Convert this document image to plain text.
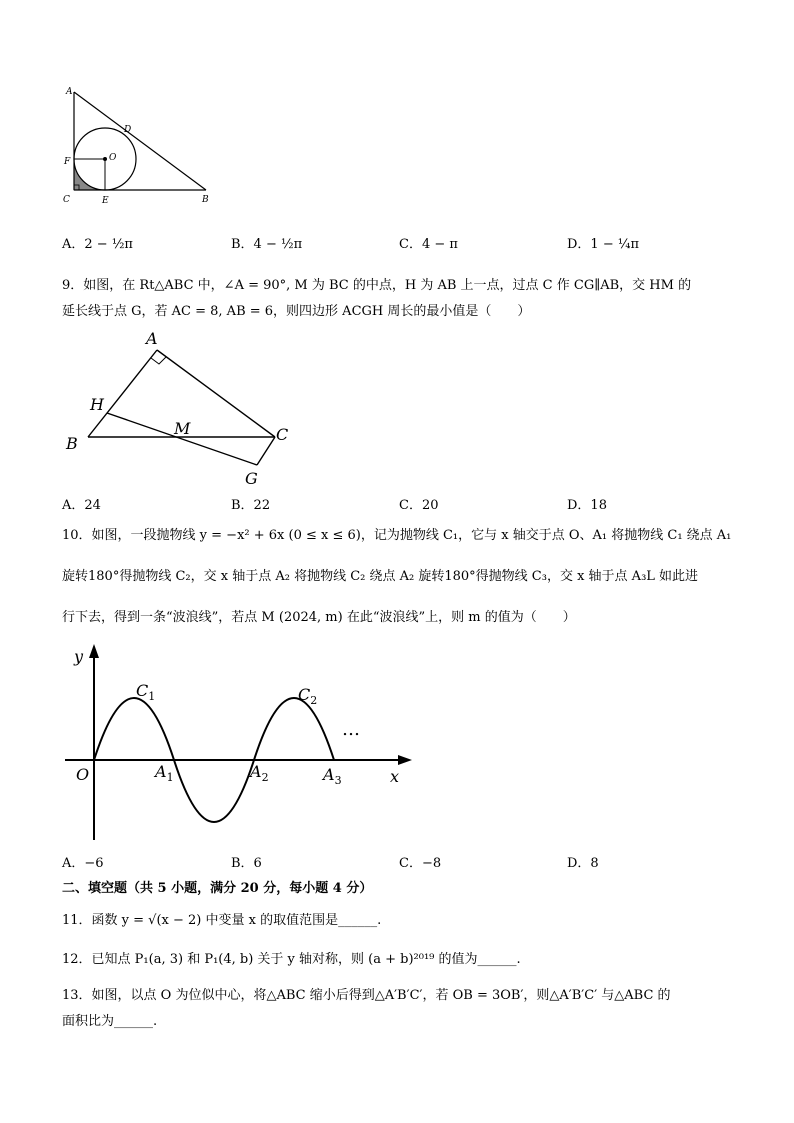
A
D
F	O
C	E	B
A．2 − ½π	B．4 − ½π	C．4 − π	D．1 − ¼π
9．如图，在 Rt△ABC 中，∠A = 90°, M 为 BC 的中点，H 为 AB 上一点，过点 C 作 CG∥AB，交 HM 的
延长线于点 G，若 AC = 8, AB = 6，则四边形 ACGH 周长的最小值是（　　）
A
H
B
M	C
G
A．24	B．22	C．20	D．18
10．如图，一段抛物线 y = −x² + 6x (0 ≤ x ≤ 6)，记为抛物线 C₁，它与 x 轴交于点 O、A₁ 将抛物线 C₁ 绕点 A₁
旋转180°得抛物线 C₂，交 x 轴于点 A₂ 将抛物线 C₂ 绕点 A₂ 旋转180°得抛物线 C₃，交 x 轴于点 A₃L 如此进
行下去，得到一条“波浪线”，若点 M (2024, m) 在此“波浪线”上，则 m 的值为（　　）
y
x
O
$C_1$	$C_2$
…
$A_1$	$A_2$	$A_3$
A．−6	B．6	C．−8	D．8
二、填空题（共 5 小题，满分 20 分，每小题 4 分）
11．函数 y = √(x − 2) 中变量 x 的取值范围是______.
12．已知点 P₁(a, 3) 和 P₁(4, b) 关于 y 轴对称，则 (a + b)²⁰¹⁹ 的值为______.
13．如图，以点 O 为位似中心，将△ABC 缩小后得到△A′B′C′，若 OB = 3OB′，则△A′B′C′ 与△ABC 的
面积比为______.
